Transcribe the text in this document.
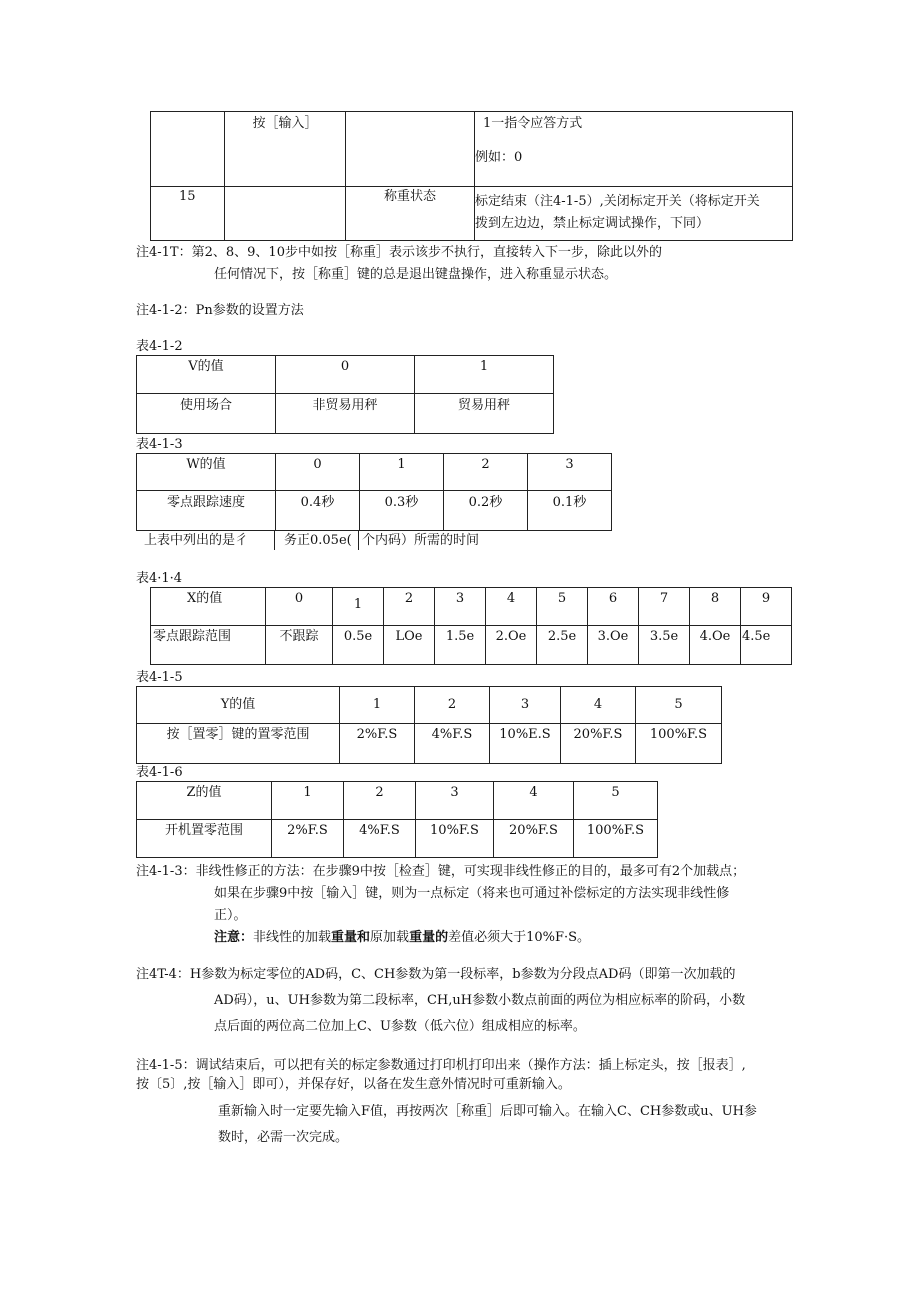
	按［输入］		1一指令应答方式
例如：0

15		称重状态	标定结束（注4-1-5）,关闭标定开关（将标定开关
拨到左边边，禁止标定调试操作，下同）
注4-1T：第2、8、9、10步中如按［称重］表示该步不执行，直接转入下一步，除此以外的
任何情况下，按［称重］键的总是退出键盘操作，进入称重显示状态。
注4-1-2：Pn参数的设置方法
表4-1-2
V的值	0	1
使用场合	非贸易用秤	贸易用秤
表4-1-3
W的值	0	1	2	3
零点跟踪速度	0.4秒	0.3秒	0.2秒	0.1秒
上表中列出的是彳	务正0.05e( 个内码）所需的时间
表4·1·4
X的值	0	1	2	3	4	5	6	7	8	9
零点跟踪范围	不跟踪	0.5e	LOe	1.5e	2.Oe	2.5e	3.Oe	3.5e	4.Oe	4.5e
表4-1-5
Y的值	1	2	3	4	5
按［置零］键的置零范围	2%F.S	4%F.S	10%E.S	20%F.S	100%F.S
表4-1-6
Z的值	1	2	3	4	5
开机置零范围	2%F.S	4%F.S	10%F.S	20%F.S	100%F.S
注4-1-3：非线性修正的方法：在步骤9中按［检查］键，可实现非线性修正的目的，最多可有2个加载点；
如果在步骤9中按［输入］键，则为一点标定（将来也可通过补偿标定的方法实现非线性修
正）。
注意：非线性的加载重量和原加载重量的差值必须大于10%F·S。
注4T-4：H参数为标定零位的AD码，C、CH参数为第一段标率，b参数为分段点AD码（即第一次加载的
AD码），u、UH参数为第二段标率，CH,uH参数小数点前面的两位为相应标率的阶码，小数
点后面的两位高二位加上C、U参数（低六位）组成相应的标率。
注4-1-5：调试结束后，可以把有关的标定参数通过打印机打印出来（操作方法：插上标定头，按［报表］,
按〔5〕,按［输入］即可），并保存好，以备在发生意外情况时可重新输入。
重新输入时一定要先输入F值，再按两次［称重］后即可输入。在输入C、CH参数或u、UH参
数时，必需一次完成。
